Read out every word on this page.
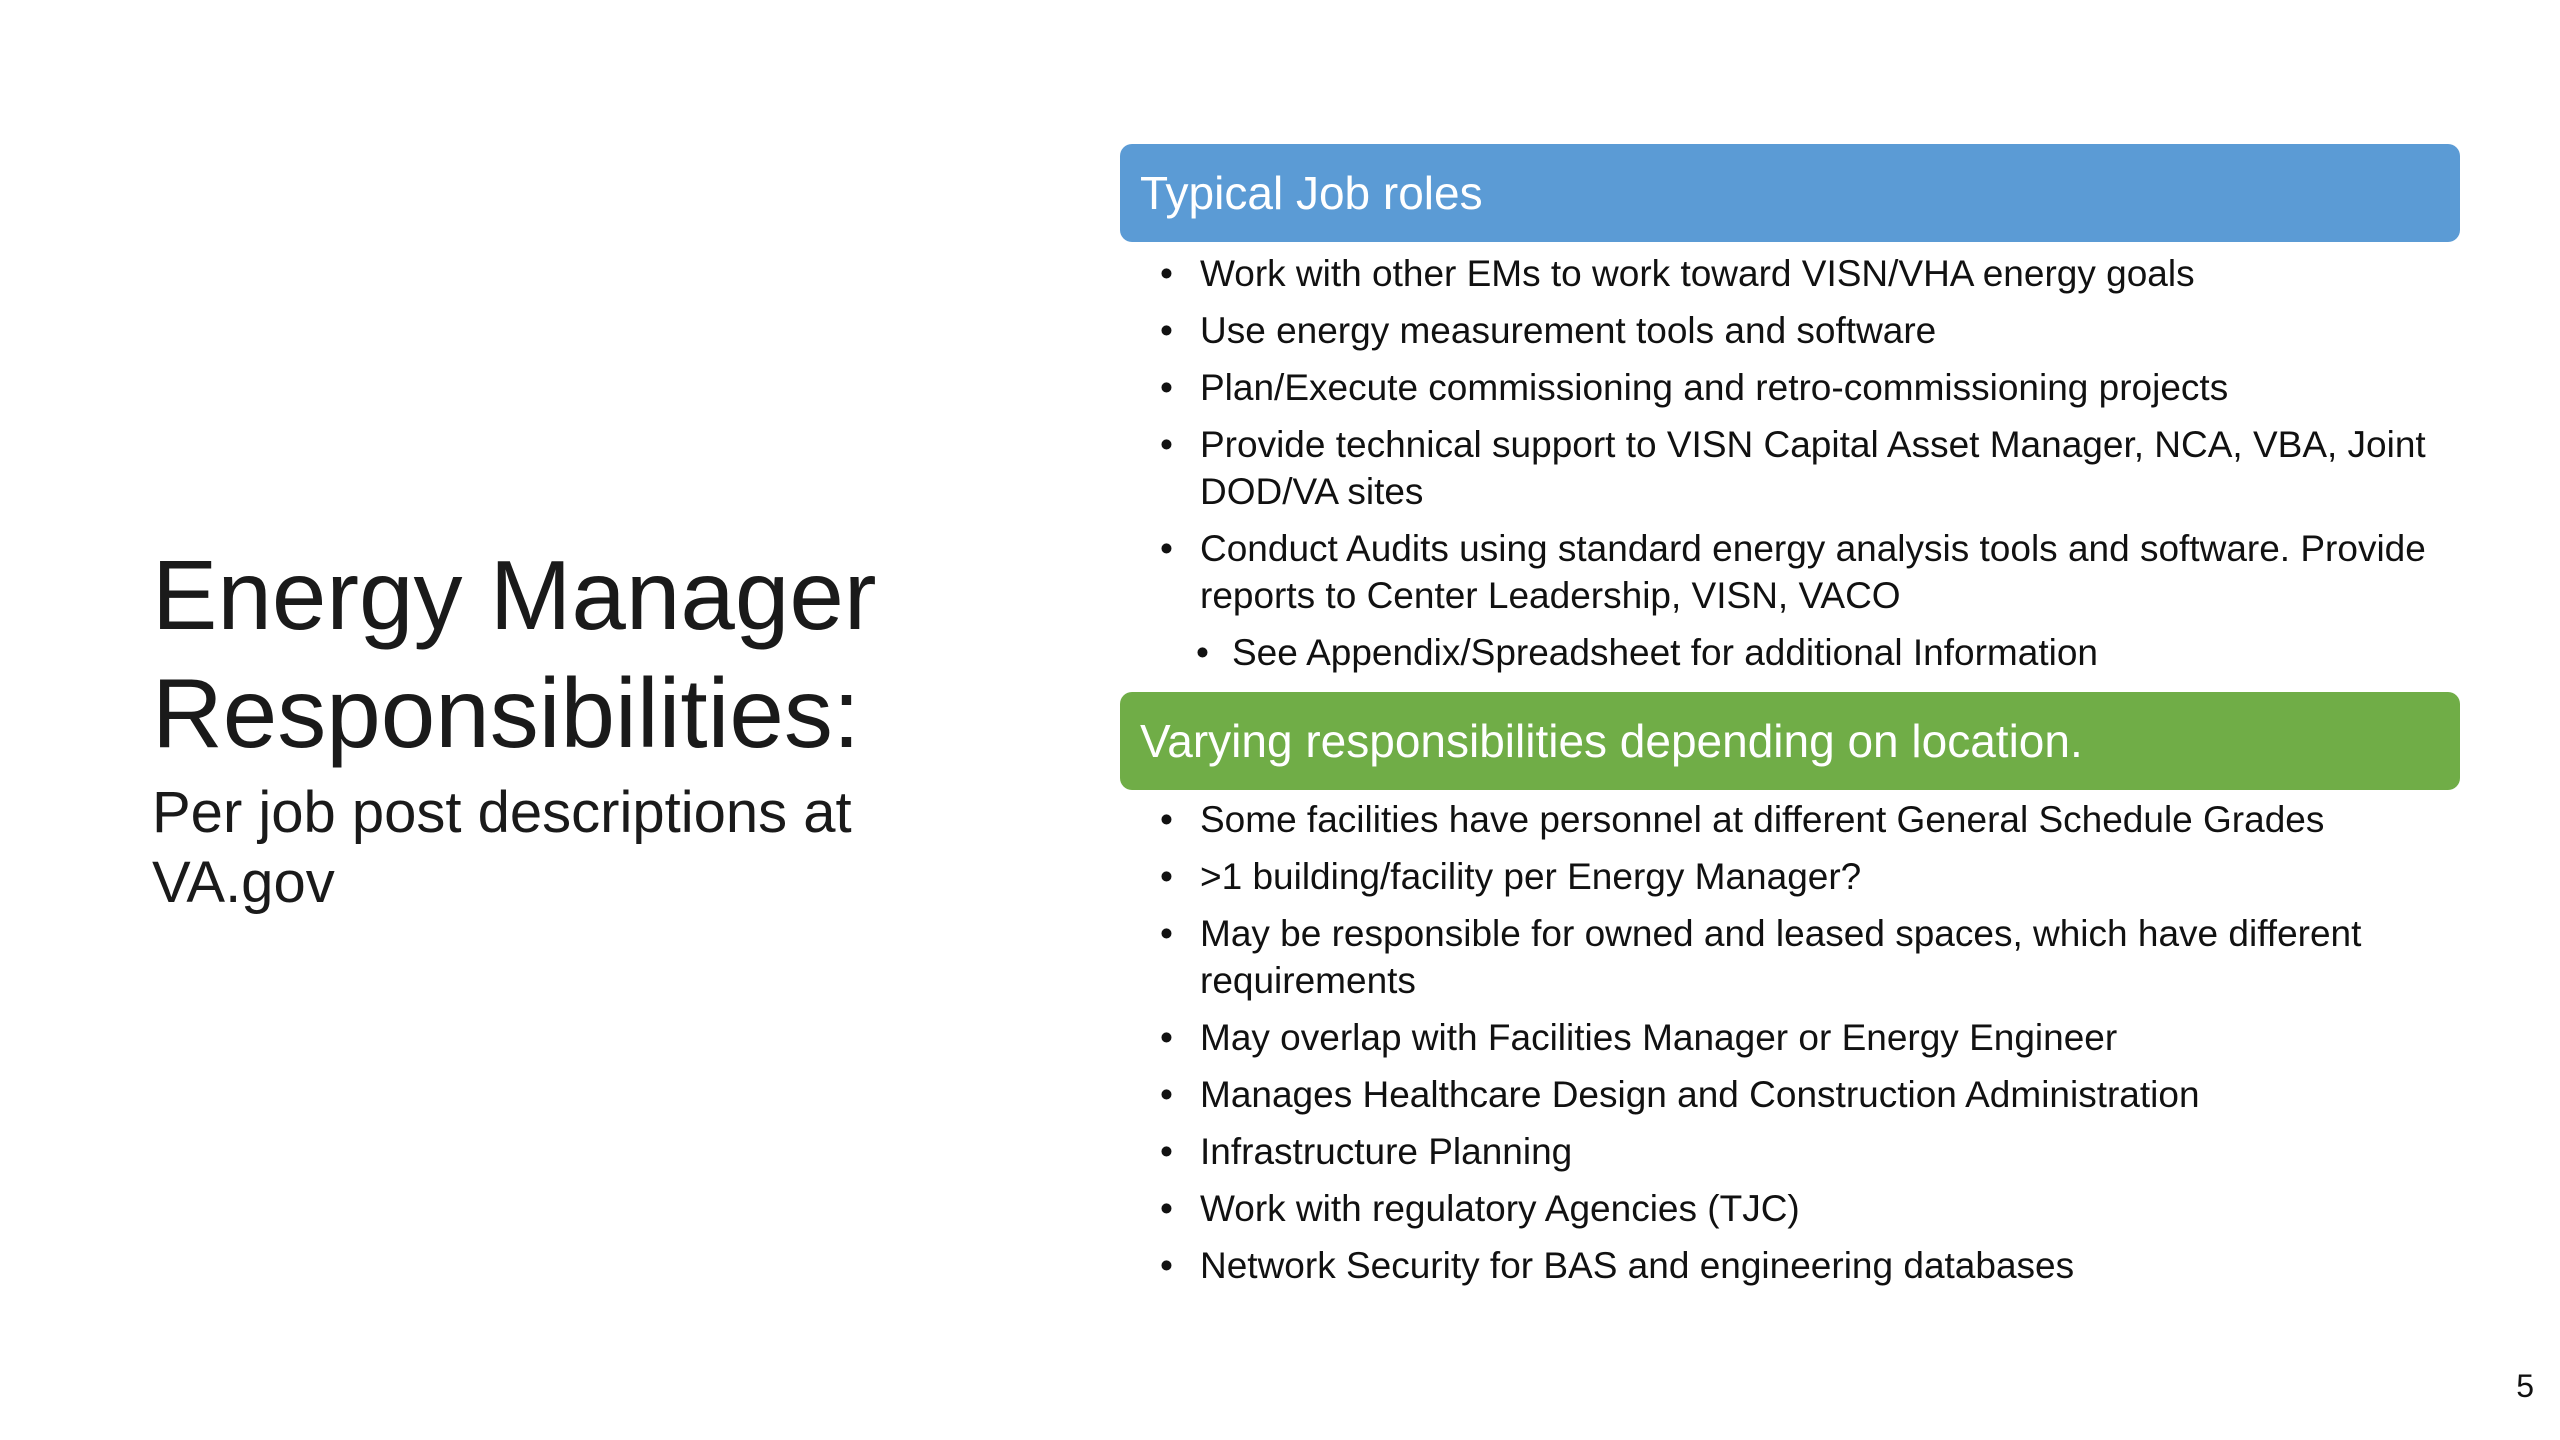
Energy Manager
Responsibilities:

Per job post descriptions at
VA.gov

Typical Job roles
• Work with other EMs to work toward VISN/VHA energy goals
• Use energy measurement tools and software
• Plan/Execute commissioning and retro-commissioning projects
• Provide technical support to VISN Capital Asset Manager, NCA, VBA, Joint DOD/VA sites
• Conduct Audits using standard energy analysis tools and software. Provide reports to Center Leadership, VISN, VACO
• See Appendix/Spreadsheet for additional Information
Varying responsibilities depending on location.
• Some facilities have personnel at different General Schedule Grades
• >1 building/facility per Energy Manager?
• May be responsible for owned and leased spaces, which have different requirements
• May overlap with Facilities Manager or Energy Engineer
• Manages Healthcare Design and Construction Administration
• Infrastructure Planning
• Work with regulatory Agencies (TJC)
• Network Security for BAS and engineering databases
5
